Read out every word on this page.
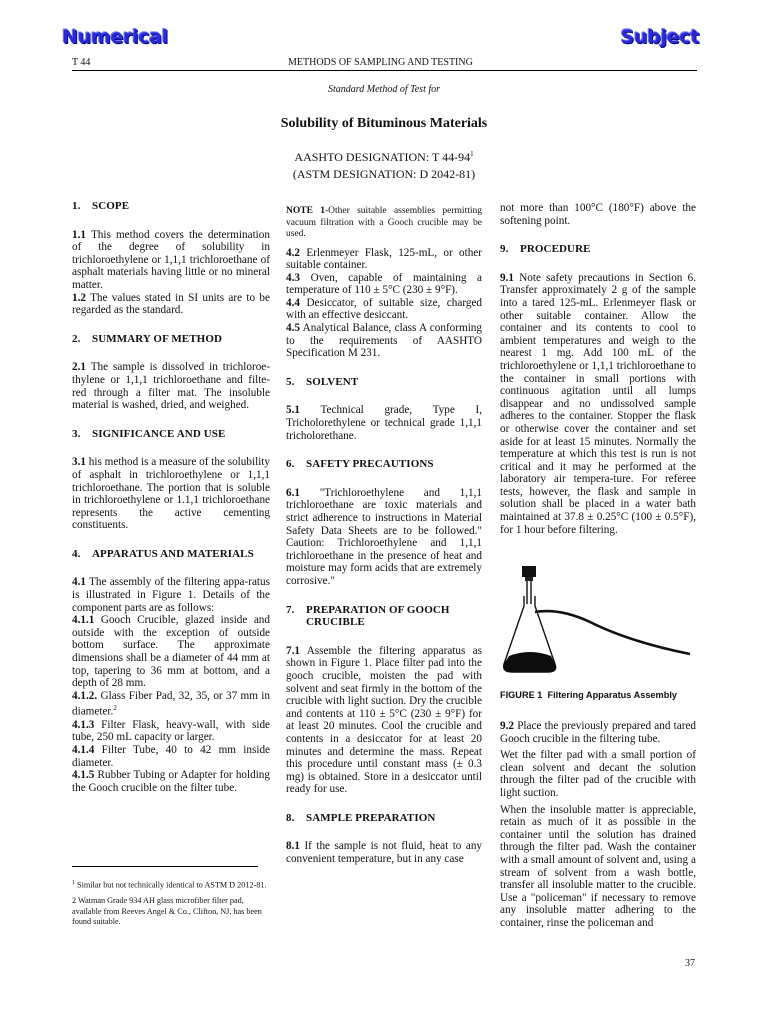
Numerical	Subject
T 44	METHODS OF SAMPLING AND TESTING
Standard Method of Test for
Solubility of Bituminous Materials
AASHTO DESIGNATION: T $44-94^1$
(ASTM DESIGNATION: D 2042-81)
1. SCOPE

1.1 This method covers the determination of the degree of solubility in trichloroethylene or 1,1,1 trichloroethane of asphalt materials having little or no mineral matter.

1.2 The values stated in SI units are to be regarded as the standard.

2. SUMMARY OF METHOD

2.1 The sample is dissolved in trichloroe-thylene or 1,1,1 trichloroethane and filte-red through a filter mat. The insoluble material is washed, dried, and weighed.

3. SIGNIFICANCE AND USE

3.1 his method is a measure of the solubility of asphalt in trichloroethylene or 1,1,1 trichloroethane. The portion that is soluble in trichloroethylene or 1.1,1 trichloroethane represents the active cementing constituents.

4. APPARATUS AND MATERIALS

4.1 The assembly of the filtering appa-ratus is illustrated in Figure 1. Details of the component parts are as follows:

4.1.1 Gooch Crucible, glazed inside and outside with the exception of outside bottom surface. The approximate dimensions shall be a diameter of 44 mm at top, tapering to 36 mm at bottom, and a depth of 28 mm.

4.1.2. Glass Fiber Pad, 32, 35, or 37 mm in diameter.$^2$

4.1.3 Filter Flask, heavy-wall, with side tube, 250 mL capacity or larger.

4.1.4 Filter Tube, 40 to 42 mm inside diameter.

4.1.5 Rubber Tubing or Adapter for holding the Gooch crucible on the filter tube.

$^1$ Similar but not technically identical to ASTM D 2012-81.

2 Watman Grade 934 AH glass microfiber filter pad, available from Reeves Angel & Co., Clifton, NJ, has been found suitable.

NOTE 1-Other suitable assemblies permitting vacuum filtration with a Gooch crucible may be used.

4.2 Erlenmeyer Flask, 125-mL, or other suitable container.

4.3 Oven, capable of maintaining a temperature of 110 ± 5°C (230 ± 9°F).

4.4 Desiccator, of suitable size, charged with an effective desiccant.

4.5 Analytical Balance, class A conforming to the requirements of AASHTO Specification M 231.

5. SOLVENT

5.1 Technical grade, Type I, Tricholorethylene or technical grade 1,1,1 tricholorethane.

6. SAFETY PRECAUTIONS

6.1 "Trichloroethylene and 1,1,1 trichloroethane are toxic materials and strict adherence to instructions in Material Safety Data Sheets are to be followed." Caution: Trichloroethylene and 1,1,1 trichloroethane in the presence of heat and moisture may form acids that are extremely corrosive."

7.	PREPARATION OF GOOCH CRUCIBLE

7.1 Assemble the filtering apparatus as shown in Figure 1. Place filter pad into the gooch crucible, moisten the pad with solvent and seat firmly in the bottom of the crucible with light suction. Dry the crucible and contents at 110 ± 5°C (230 ± 9°F) for at least 20 minutes. Cool the crucible and contents in a desiccator for at least 20 minutes and determine the mass. Repeat this procedure until constant mass (± 0.3 mg) is obtained. Store in a desiccator until ready for use.

8. SAMPLE PREPARATION

8.1 If the sample is not fluid, heat to any convenient temperature, but in any case

not more than 100°C (180°F) above the softening point.

9. PROCEDURE

9.1 Note safety precautions in Section 6. Transfer approximately 2 g of the sample into a tared 125-mL. Erlenmeyer flask or other suitable container. Allow the container and its contents to cool to ambient temperatures and weigh to the nearest 1 mg. Add 100 mL of the trichloroethylene or 1,1,1 trichloroethane to the container in small portions with continuous agitation until all lumps disappear and no undissolved sample adheres to the container. Stopper the flask or otherwise cover the container and set aside for at least 15 minutes. Normally the temperature at which this test is run is not critical and it may he performed at the laboratory air tempera-ture. For referee tests, however, the flask and sample in solution shall be placed in a water bath maintained at 37.8 ± 0.25°C (100 ± 0.5°F), for 1 hour before filtering.

FIGURE 1 Filtering Apparatus Assembly

9.2 Place the previously prepared and tared Gooch crucible in the filtering tube.

Wet the filter pad with a small portion of clean solvent and decant the solution through the filter pad of the crucible with light suction.

When the insoluble matter is appreciable, retain as much of it as possible in the container until the solution has drained through the filter pad. Wash the container with a small amount of solvent and, using a stream of solvent from a wash bottle, transfer all insoluble matter to the crucible. Use a "policeman" if necessary to remove any insoluble matter adhering to the container, rinse the policeman and

37
